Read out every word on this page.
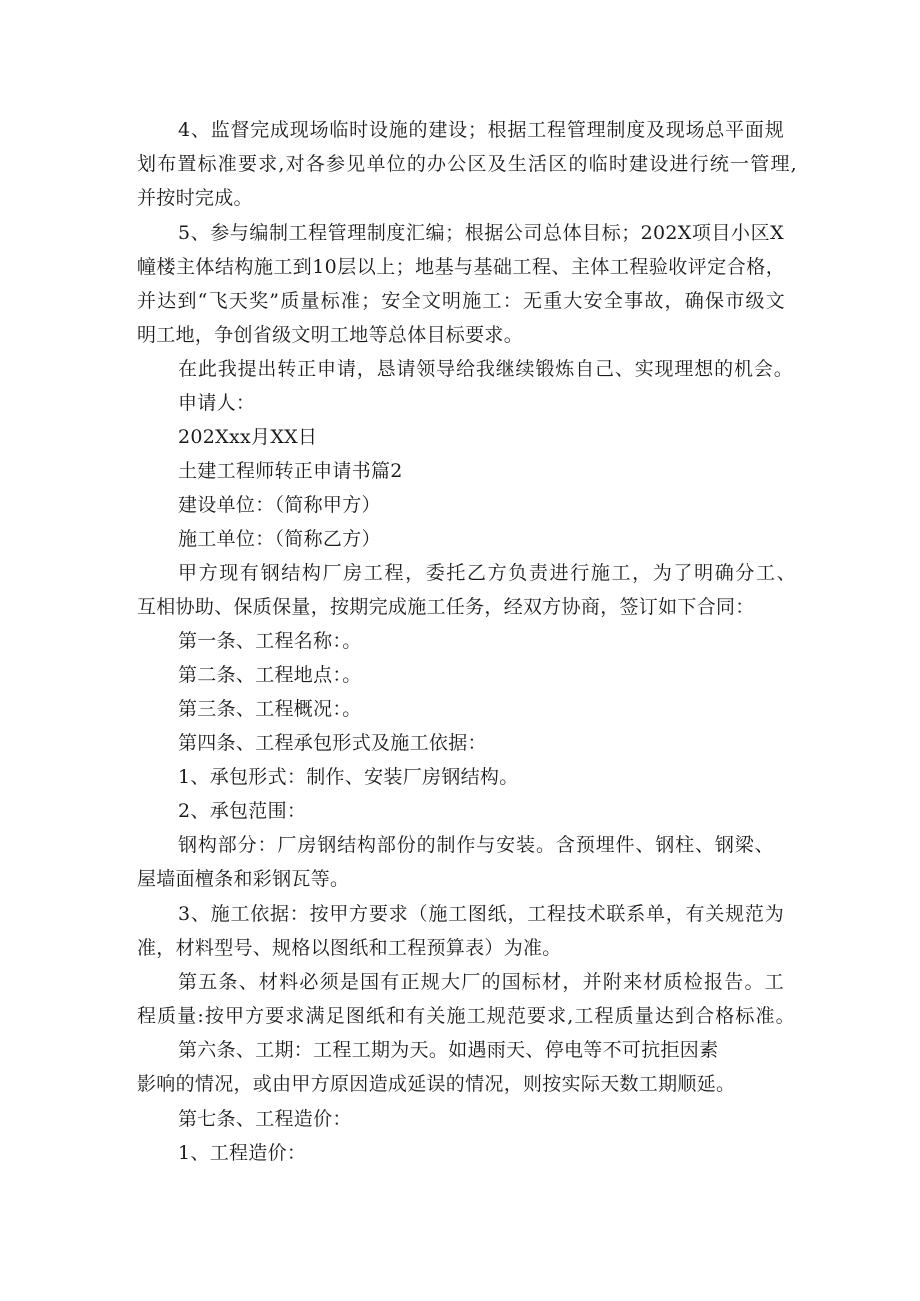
4、监督完成现场临时设施的建设；根据工程管理制度及现场总平面规
划布置标准要求,对各参见单位的办公区及生活区的临时建设进行统一管理,
并按时完成。
5、参与编制工程管理制度汇编；根据公司总体目标；202X项目小区X
幢楼主体结构施工到10层以上；地基与基础工程、主体工程验收评定合格，
并达到“飞天奖”质量标准；安全文明施工：无重大安全事故，确保市级文
明工地，争创省级文明工地等总体目标要求。
在此我提出转正申请，恳请领导给我继续锻炼自己、实现理想的机会。
申请人：
202Xxx月XX日
土建工程师转正申请书篇2
建设单位：（简称甲方）
施工单位：（简称乙方）
甲方现有钢结构厂房工程，委托乙方负责进行施工，为了明确分工、
互相协助、保质保量，按期完成施工任务，经双方协商，签订如下合同：
第一条、工程名称：。
第二条、工程地点：。
第三条、工程概况：。
第四条、工程承包形式及施工依据：
1、承包形式：制作、安装厂房钢结构。
2、承包范围：
钢构部分：厂房钢结构部份的制作与安装。含预埋件、钢柱、钢梁、
屋墙面檀条和彩钢瓦等。
3、施工依据：按甲方要求（施工图纸，工程技术联系单，有关规范为
准，材料型号、规格以图纸和工程预算表）为准。
第五条、材料必须是国有正规大厂的国标材，并附来材质检报告。工
程质量:按甲方要求满足图纸和有关施工规范要求,工程质量达到合格标准。
第六条、工期：工程工期为天。如遇雨天、停电等不可抗拒因素
影响的情况，或由甲方原因造成延误的情况，则按实际天数工期顺延。
第七条、工程造价：
1、工程造价：
